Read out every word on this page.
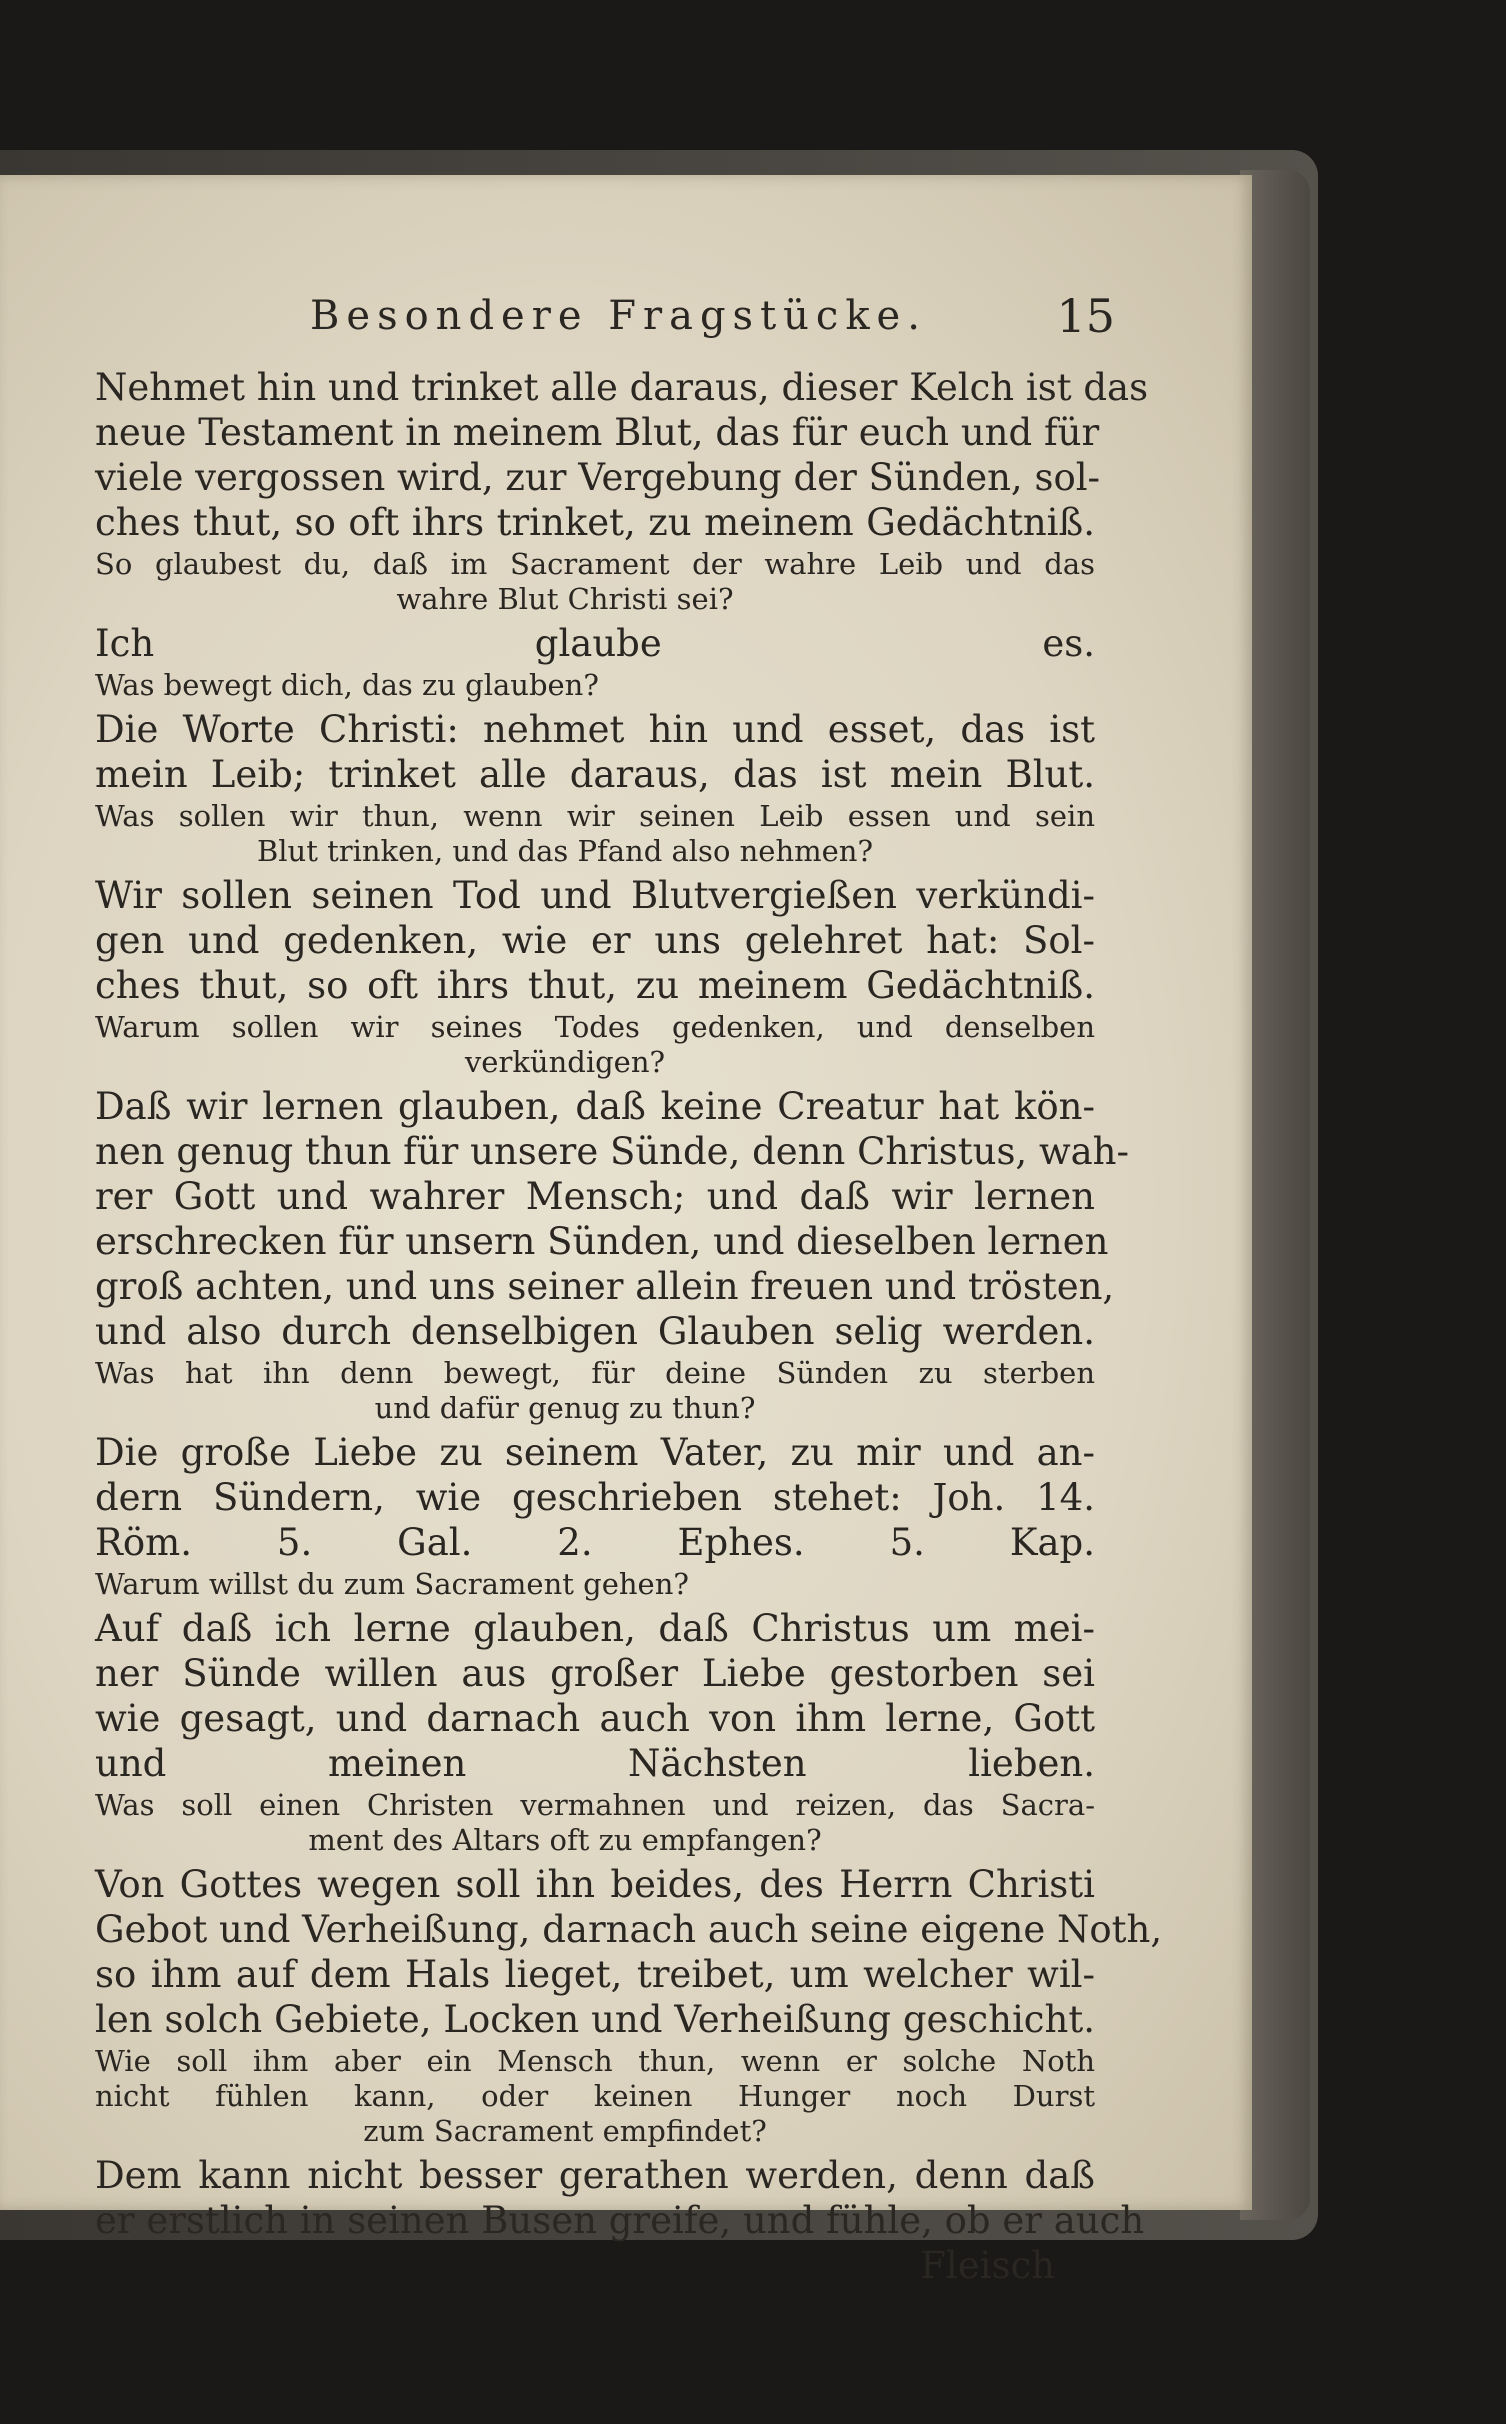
Besondere Fragstücke.	15
Nehmet hin und trinket alle daraus, dieser Kelch ist das
neue Testament in meinem Blut, das für euch und für
viele vergossen wird, zur Vergebung der Sünden, sol-
ches thut, so oft ihrs trinket, zu meinem Gedächtniß.
So glaubest du, daß im Sacrament der wahre Leib und das
wahre Blut Christi sei?
Ich glaube es.
Was bewegt dich, das zu glauben?
Die Worte Christi: nehmet hin und esset, das ist
mein Leib; trinket alle daraus, das ist mein Blut.
Was sollen wir thun, wenn wir seinen Leib essen und sein
Blut trinken, und das Pfand also nehmen?
Wir sollen seinen Tod und Blutvergießen verkündi-
gen und gedenken, wie er uns gelehret hat: Sol-
ches thut, so oft ihrs thut, zu meinem Gedächtniß.
Warum sollen wir seines Todes gedenken, und denselben
verkündigen?
Daß wir lernen glauben, daß keine Creatur hat kön-
nen genug thun für unsere Sünde, denn Christus, wah-
rer Gott und wahrer Mensch; und daß wir lernen
erschrecken für unsern Sünden, und dieselben lernen
groß achten, und uns seiner allein freuen und trösten,
und also durch denselbigen Glauben selig werden.
Was hat ihn denn bewegt, für deine Sünden zu sterben
und dafür genug zu thun?
Die große Liebe zu seinem Vater, zu mir und an-
dern Sündern, wie geschrieben stehet: Joh. 14.
Röm. 5. Gal. 2. Ephes. 5. Kap.
Warum willst du zum Sacrament gehen?
Auf daß ich lerne glauben, daß Christus um mei-
ner Sünde willen aus großer Liebe gestorben sei
wie gesagt, und darnach auch von ihm lerne, Gott
und meinen Nächsten lieben.
Was soll einen Christen vermahnen und reizen, das Sacra-
ment des Altars oft zu empfangen?
Von Gottes wegen soll ihn beides, des Herrn Christi
Gebot und Verheißung, darnach auch seine eigene Noth,
so ihm auf dem Hals lieget, treibet, um welcher wil-
len solch Gebiete, Locken und Verheißung geschicht.
Wie soll ihm aber ein Mensch thun, wenn er solche Noth
nicht fühlen kann, oder keinen Hunger noch Durst
zum Sacrament empfindet?
Dem kann nicht besser gerathen werden, denn daß
er erstlich in seinen Busen greife, und fühle, ob er auch
Fleisch
